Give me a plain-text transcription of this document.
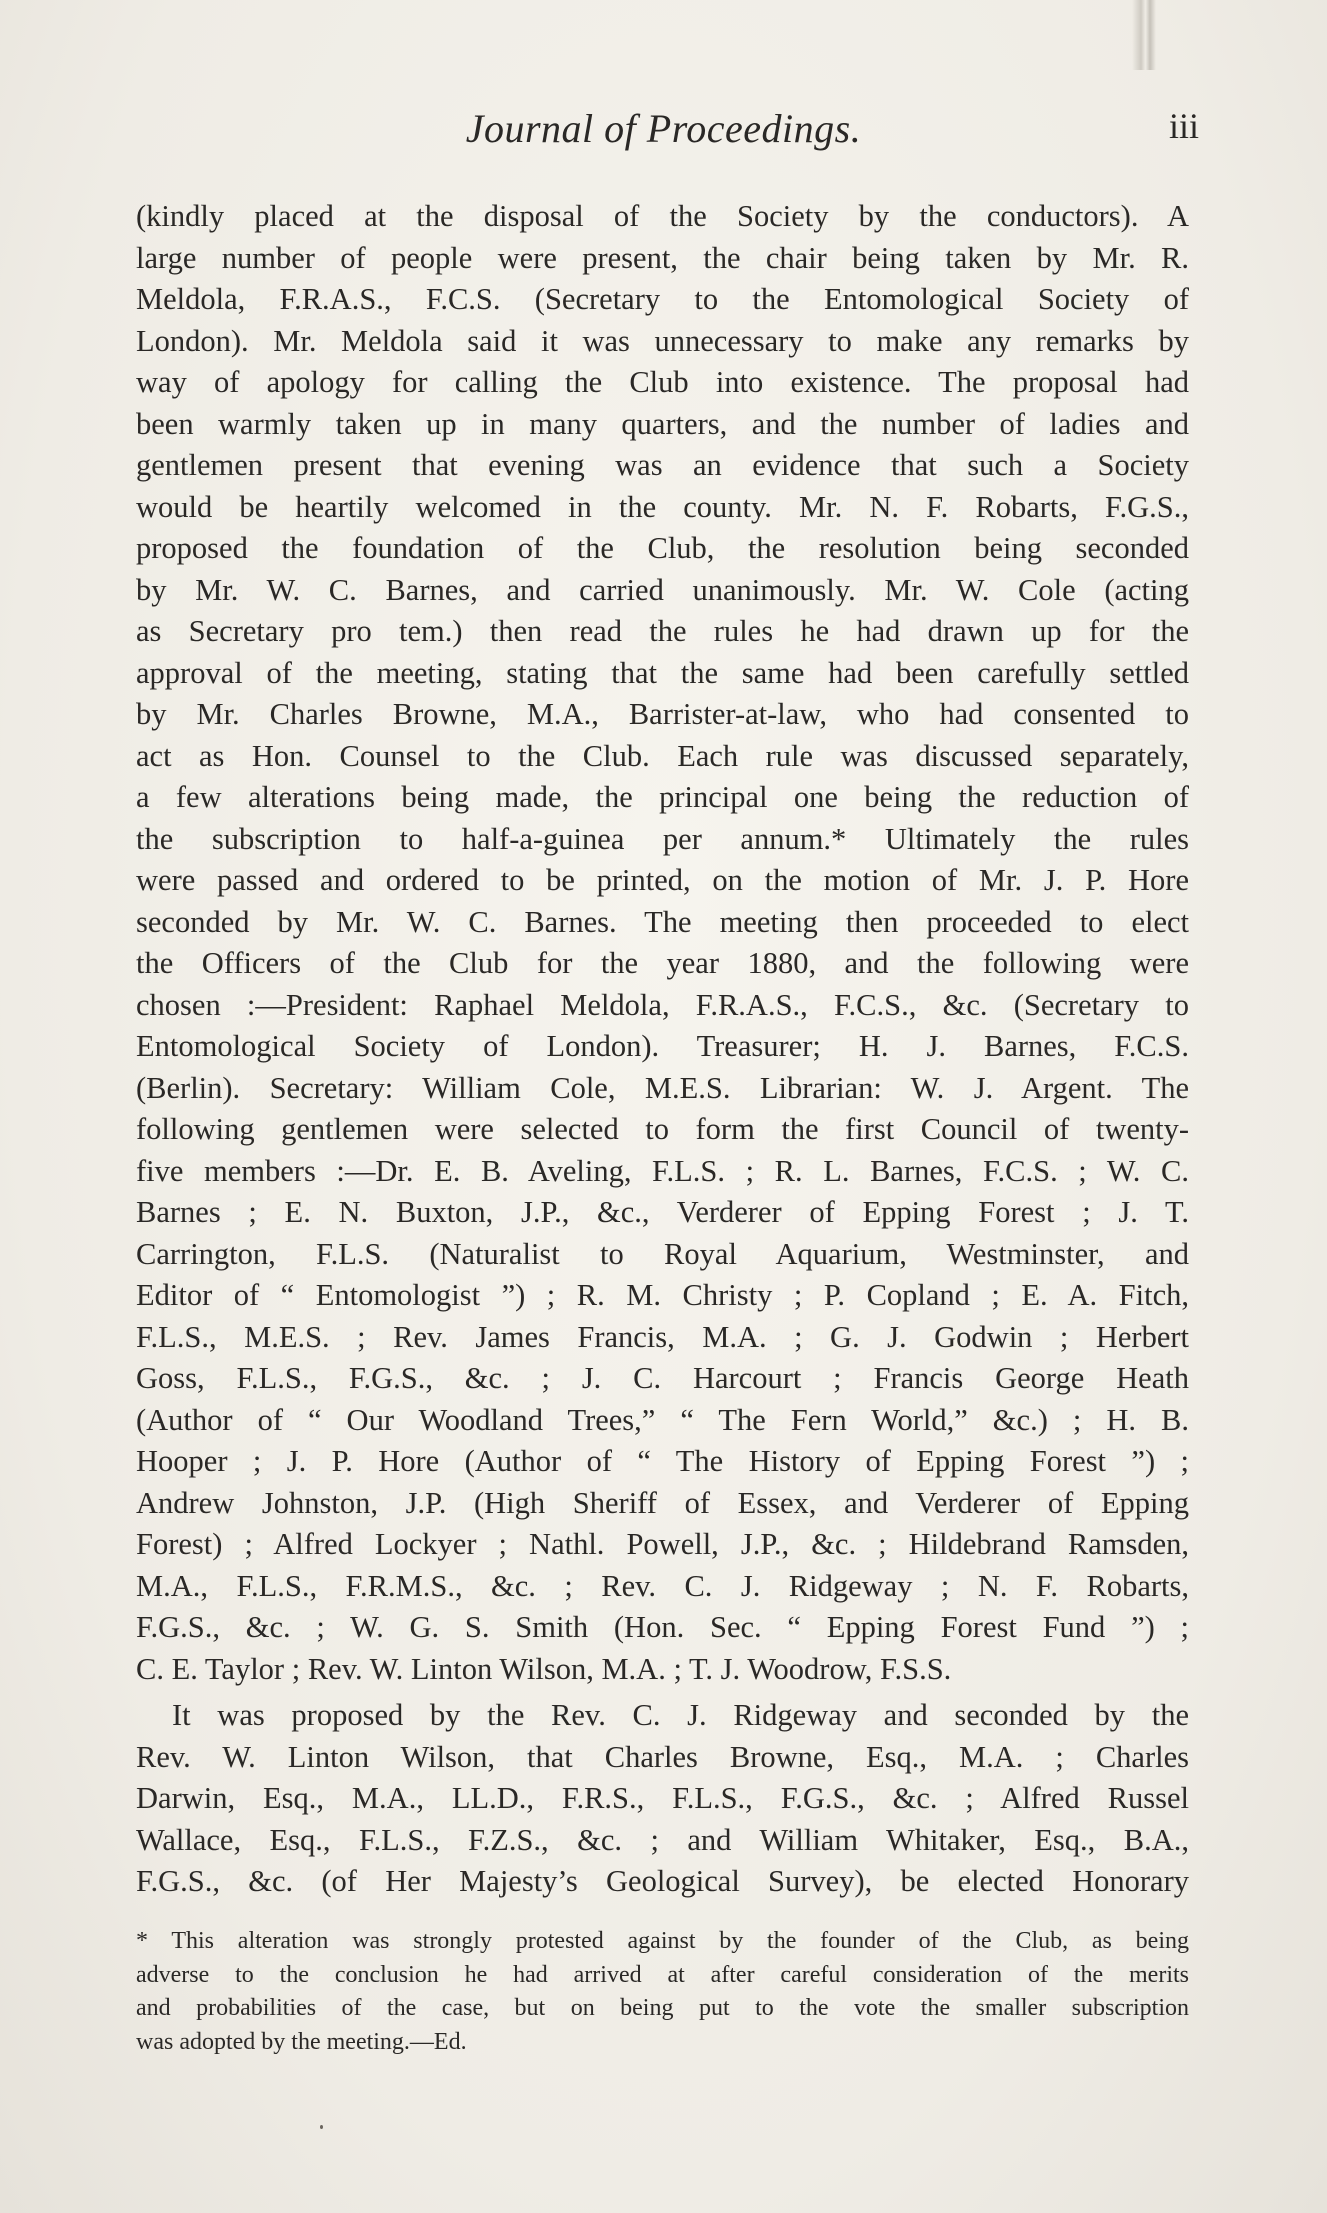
Journal of Proceedings.	iii
(kindly placed at the disposal of the Society by the conductors). A
large number of people were present, the chair being taken by Mr. R.
Meldola, F.R.A.S., F.C.S. (Secretary to the Entomological Society of
London). Mr. Meldola said it was unnecessary to make any remarks by
way of apology for calling the Club into existence. The proposal had
been warmly taken up in many quarters, and the number of ladies and
gentlemen present that evening was an evidence that such a Society
would be heartily welcomed in the county. Mr. N. F. Robarts, F.G.S.,
proposed the foundation of the Club, the resolution being seconded
by Mr. W. C. Barnes, and carried unanimously. Mr. W. Cole (acting
as Secretary pro tem.) then read the rules he had drawn up for the
approval of the meeting, stating that the same had been carefully settled
by Mr. Charles Browne, M.A., Barrister-at-law, who had consented to
act as Hon. Counsel to the Club. Each rule was discussed separately,
a few alterations being made, the principal one being the reduction of
the subscription to half-a-guinea per annum.* Ultimately the rules
were passed and ordered to be printed, on the motion of Mr. J. P. Hore
seconded by Mr. W. C. Barnes. The meeting then proceeded to elect
the Officers of the Club for the year 1880, and the following were
chosen :—President: Raphael Meldola, F.R.A.S., F.C.S., &c. (Secretary to
Entomological Society of London). Treasurer; H. J. Barnes, F.C.S.
(Berlin). Secretary: William Cole, M.E.S. Librarian: W. J. Argent. The
following gentlemen were selected to form the first Council of twenty-
five members :—Dr. E. B. Aveling, F.L.S. ; R. L. Barnes, F.C.S. ; W. C.
Barnes ; E. N. Buxton, J.P., &c., Verderer of Epping Forest ; J. T.
Carrington, F.L.S. (Naturalist to Royal Aquarium, Westminster, and
Editor of “ Entomologist ”) ; R. M. Christy ; P. Copland ; E. A. Fitch,
F.L.S., M.E.S. ; Rev. James Francis, M.A. ; G. J. Godwin ; Herbert
Goss, F.L.S., F.G.S., &c. ; J. C. Harcourt ; Francis George Heath
(Author of “ Our Woodland Trees,” “ The Fern World,” &c.) ; H. B.
Hooper ; J. P. Hore (Author of “ The History of Epping Forest ”) ;
Andrew Johnston, J.P. (High Sheriff of Essex, and Verderer of Epping
Forest) ; Alfred Lockyer ; Nathl. Powell, J.P., &c. ; Hildebrand Ramsden,
M.A., F.L.S., F.R.M.S., &c. ; Rev. C. J. Ridgeway ; N. F. Robarts,
F.G.S., &c. ; W. G. S. Smith (Hon. Sec. “ Epping Forest Fund ”) ;
C. E. Taylor ; Rev. W. Linton Wilson, M.A. ; T. J. Woodrow, F.S.S.
It was proposed by the Rev. C. J. Ridgeway and seconded by the
Rev. W. Linton Wilson, that Charles Browne, Esq., M.A. ; Charles
Darwin, Esq., M.A., LL.D., F.R.S., F.L.S., F.G.S., &c. ; Alfred Russel
Wallace, Esq., F.L.S., F.Z.S., &c. ; and William Whitaker, Esq., B.A.,
F.G.S., &c. (of Her Majesty’s Geological Survey), be elected Honorary
* This alteration was strongly protested against by the founder of the Club, as being
adverse to the conclusion he had arrived at after careful consideration of the merits
and probabilities of the case, but on being put to the vote the smaller subscription
was adopted by the meeting.—Ed.
